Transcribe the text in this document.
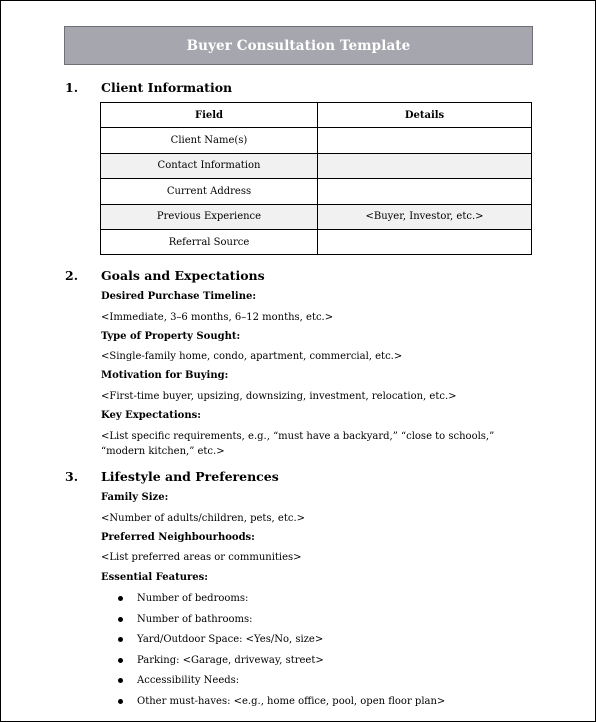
Buyer Consultation Template
1.	Client Information
Field	Details
Client Name(s)	
Contact Information	
Current Address	
Previous Experience	<Buyer, Investor, etc.>
Referral Source	
2.	Goals and Expectations
Desired Purchase Timeline:
<Immediate, 3–6 months, 6–12 months, etc.>
Type of Property Sought:
<Single-family home, condo, apartment, commercial, etc.>
Motivation for Buying:
<First-time buyer, upsizing, downsizing, investment, relocation, etc.>
Key Expectations:
<List specific requirements, e.g., “must have a backyard,” “close to schools,” “modern kitchen,” etc.>
3.	Lifestyle and Preferences
Family Size:
<Number of adults/children, pets, etc.>
Preferred Neighbourhoods:
<List preferred areas or communities>
Essential Features:
Number of bedrooms:
Number of bathrooms:
Yard/Outdoor Space: <Yes/No, size>
Parking: <Garage, driveway, street>
Accessibility Needs:
Other must-haves: <e.g., home office, pool, open floor plan>
